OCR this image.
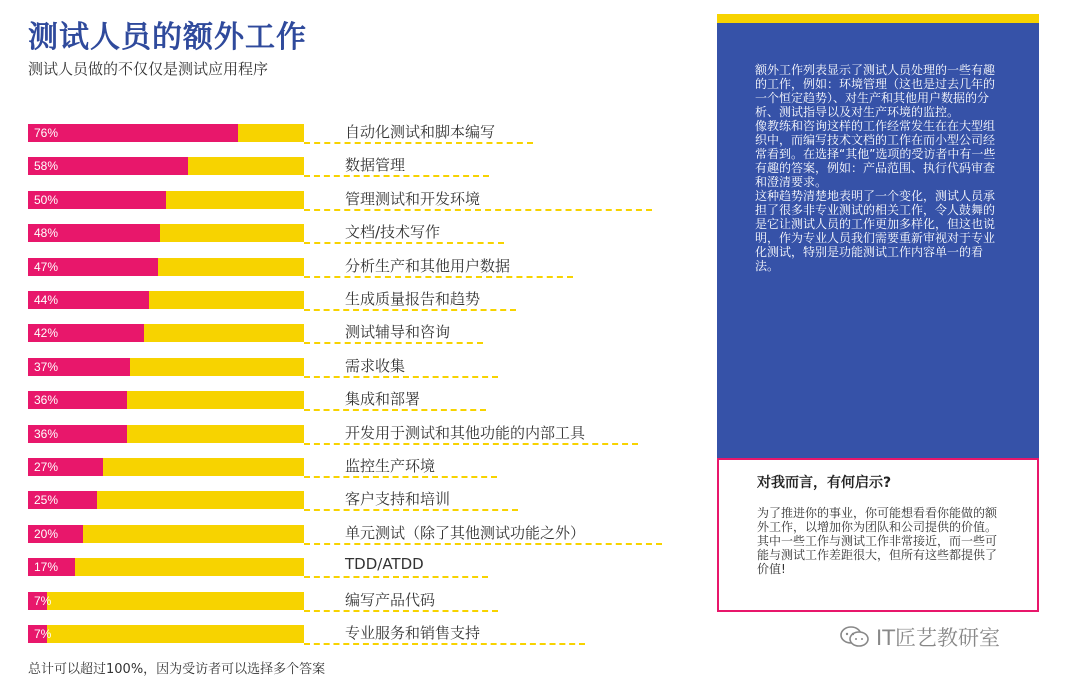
测试人员的额外工作
测试人员做的不仅仅是测试应用程序
76%	自动化测试和脚本编写
58%	数据管理
50%	管理测试和开发环境
48%	文档/技术写作
47%	分析生产和其他用户数据
44%	生成质量报告和趋势
42%	测试辅导和咨询
37%	需求收集
36%	集成和部署
36%	开发用于测试和其他功能的内部工具
27%	监控生产环境
25%	客户支持和培训
20%	单元测试（除了其他测试功能之外）
17%	TDD/ATDD
7%	编写产品代码
7%	专业服务和销售支持
总计可以超过100%，因为受访者可以选择多个答案

额外工作列表显示了测试人员处理的一些有趣的工作，例如：环境管理（这也是过去几年的一个恒定趋势）、对生产和其他用户数据的分析、测试指导以及对生产环境的监控。

像教练和咨询这样的工作经常发生在在大型组织中，而编写技术文档的工作在而小型公司经常看到。在选择“其他”选项的受访者中有一些有趣的答案，例如：产品范围、执行代码审查和澄清要求。

这种趋势清楚地表明了一个变化，测试人员承担了很多非专业测试的相关工作，令人鼓舞的是它让测试人员的工作更加多样化，但这也说明，作为专业人员我们需要重新审视对于专业化测试，特别是功能测试工作内容单一的看法。

对我而言，有何启示?
为了推进你的事业，你可能想看看你能做的额外工作，以增加你为团队和公司提供的价值。其中一些工作与测试工作非常接近，而一些可能与测试工作差距很大，但所有这些都提供了价值!
IT匠艺教研室
